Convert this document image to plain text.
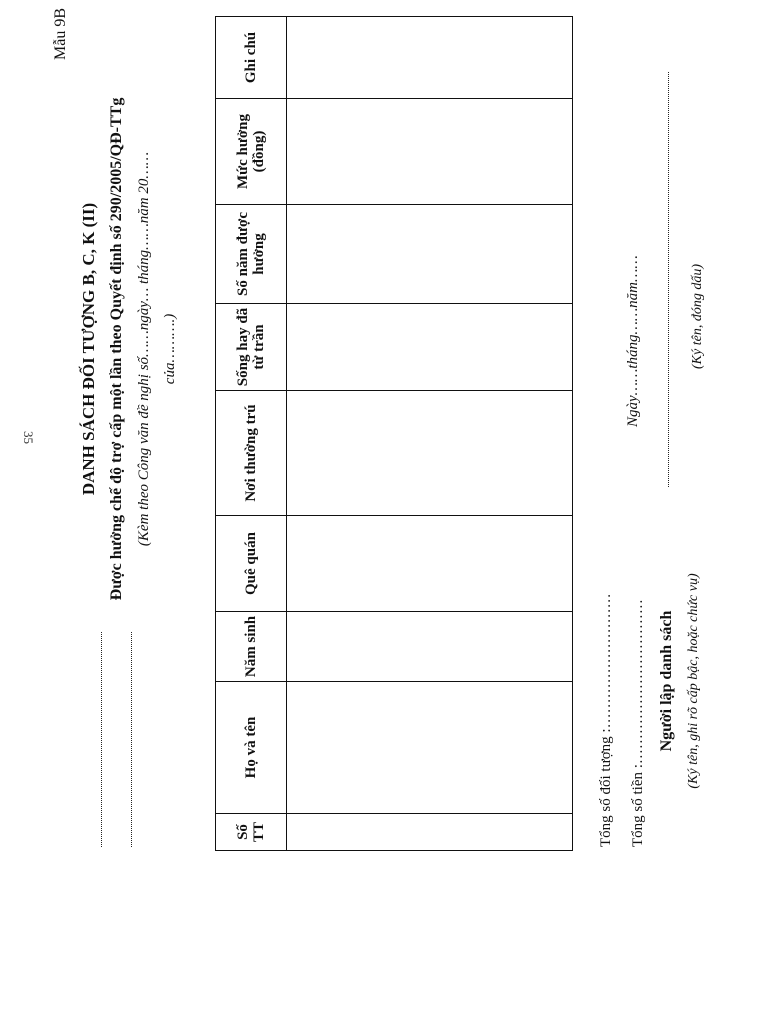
Mẫu 9B
35	DANH SÁCH ĐỐI TƯỢNG B, C, K (II) Được hưởng chế độ trợ cấp một lần theo Quyết định số 290/2005/QĐ-TTg (Kèm theo Công văn đề nghị số……ngày… tháng……năm 20…… của……….)
Số TT	Họ và tên	Năm sinh	Quê quán	Nơi thường trú	Sống hay đã từ trần	Số năm được hưởng	Mức hưởng (đồng)	Ghi chú

Tổng số đối tượng :……………………… Tổng số tiền :…………………………… Người lập danh sách (Ký tên, ghi rõ cấp bậc, hoặc chức vụ)
Ngày……tháng……năm……	(Ký tên, đóng dấu)
